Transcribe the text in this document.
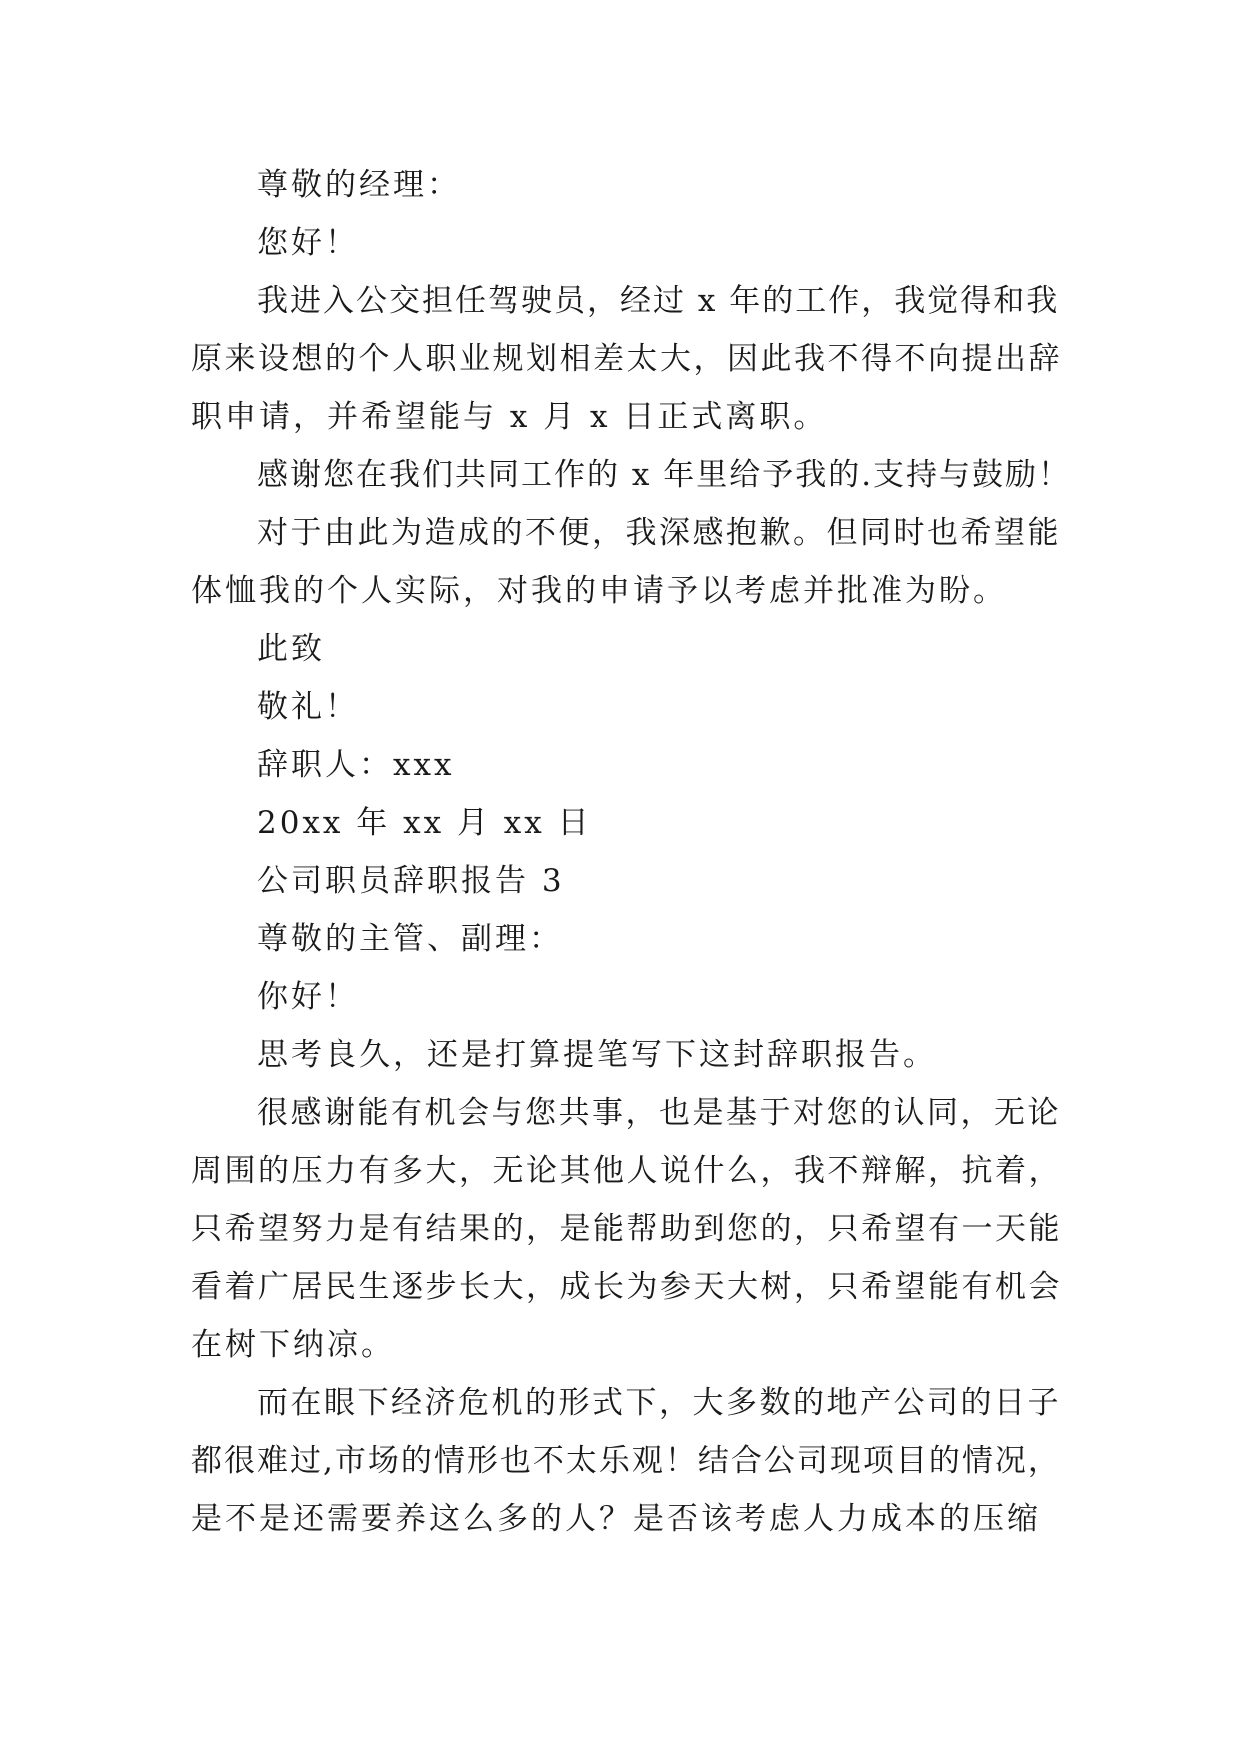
尊敬的经理：
您好！
我进入公交担任驾驶员，经过 x 年的工作，我觉得和我
原来设想的个人职业规划相差太大，因此我不得不向提出辞
职申请，并希望能与 x 月 x 日正式离职。
感谢您在我们共同工作的 x 年里给予我的.支持与鼓励！
对于由此为造成的不便，我深感抱歉。但同时也希望能
体恤我的个人实际，对我的申请予以考虑并批准为盼。
此致
敬礼！
辞职人：xxx
20xx 年 xx 月 xx 日
公司职员辞职报告 3
尊敬的主管、副理：
你好！
思考良久，还是打算提笔写下这封辞职报告。
很感谢能有机会与您共事，也是基于对您的认同，无论
周围的压力有多大，无论其他人说什么，我不辩解，抗着，
只希望努力是有结果的，是能帮助到您的，只希望有一天能
看着广居民生逐步长大，成长为参天大树，只希望能有机会
在树下纳凉。
而在眼下经济危机的形式下，大多数的地产公司的日子
都很难过,市场的情形也不太乐观！结合公司现项目的情况，
是不是还需要养这么多的人？是否该考虑人力成本的压缩
